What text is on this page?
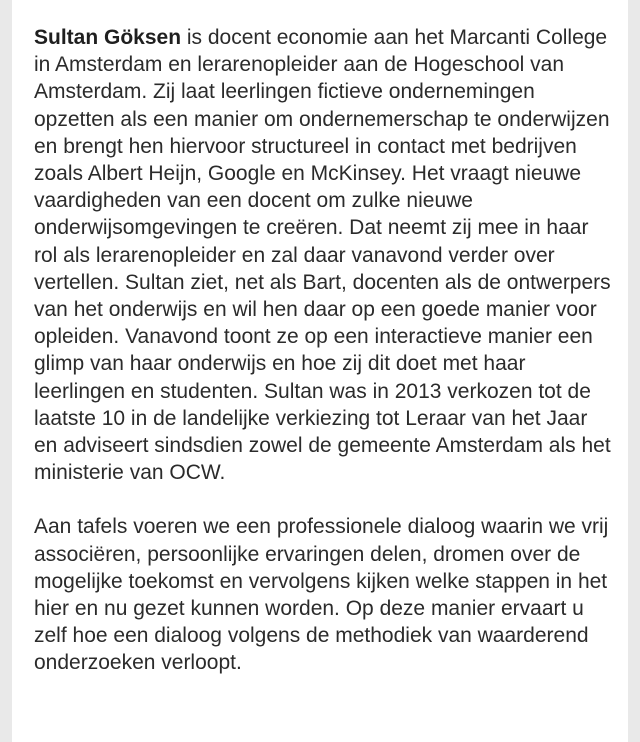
Sultan Göksen is docent economie aan het Marcanti College in Amsterdam en lerarenopleider aan de Hogeschool van Amsterdam. Zij laat leerlingen fictieve ondernemingen opzetten als een manier om ondernemerschap te onderwijzen en brengt hen hiervoor structureel in contact met bedrijven zoals Albert Heijn, Google en McKinsey. Het vraagt nieuwe vaardigheden van een docent om zulke nieuwe onderwijsomgevingen te creëren. Dat neemt zij mee in haar rol als lerarenopleider en zal daar vanavond verder over vertellen. Sultan ziet, net als Bart, docenten als de ontwerpers van het onderwijs en wil hen daar op een goede manier voor opleiden. Vanavond toont ze op een interactieve manier een glimp van haar onderwijs en hoe zij dit doet met haar leerlingen en studenten. Sultan was in 2013 verkozen tot de laatste 10 in de landelijke verkiezing tot Leraar van het Jaar en adviseert sindsdien zowel de gemeente Amsterdam als het ministerie van OCW.

Aan tafels voeren we een professionele dialoog waarin we vrij associëren, persoonlijke ervaringen delen, dromen over de mogelijke toekomst en vervolgens kijken welke stappen in het hier en nu gezet kunnen worden. Op deze manier ervaart u zelf hoe een dialoog volgens de methodiek van waarderend onderzoeken verloopt.
